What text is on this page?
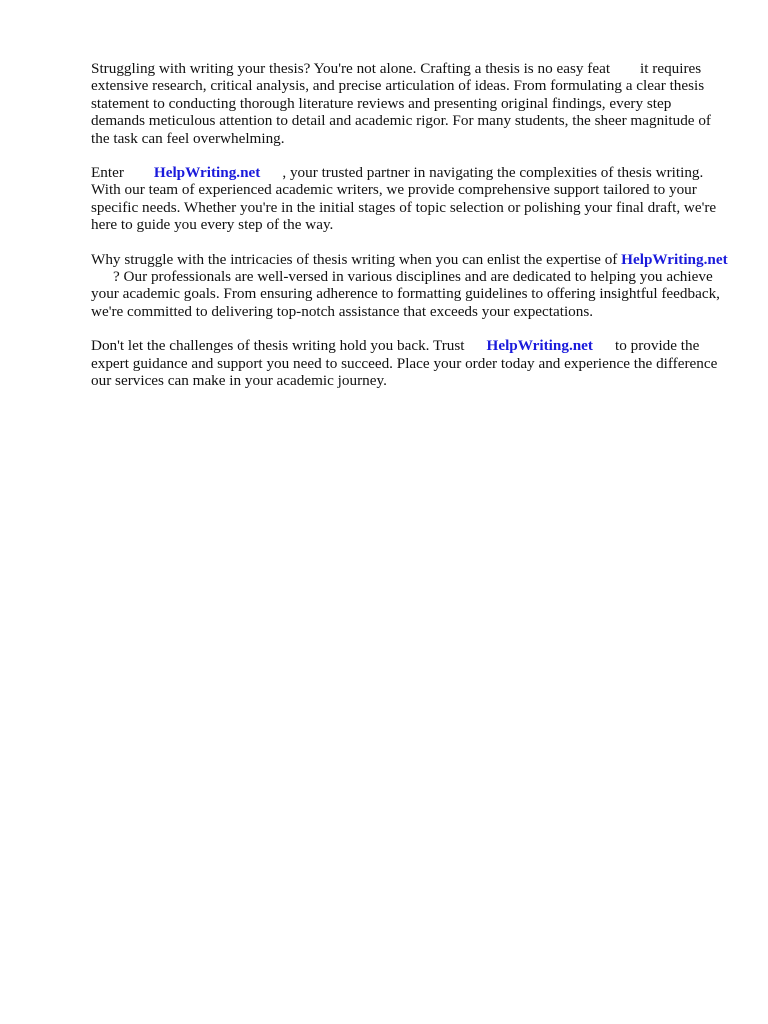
Struggling with writing your thesis? You're not alone. Crafting a thesis is no easy feat it requires extensive research, critical analysis, and precise articulation of ideas. From formulating a clear thesis statement to conducting thorough literature reviews and presenting original findings, every step demands meticulous attention to detail and academic rigor. For many students, the sheer magnitude of the task can feel overwhelming.

Enter HelpWriting.net , your trusted partner in navigating the complexities of thesis writing. With our team of experienced academic writers, we provide comprehensive support tailored to your specific needs. Whether you're in the initial stages of topic selection or polishing your final draft, we're here to guide you every step of the way.

Why struggle with the intricacies of thesis writing when you can enlist the expertise of HelpWriting.net? Our professionals are well-versed in various disciplines and are dedicated to helping you achieve your academic goals. From ensuring adherence to formatting guidelines to offering insightful feedback, we're committed to delivering top-notch assistance that exceeds your expectations.

Don't let the challenges of thesis writing hold you back. Trust HelpWriting.net to provide the expert guidance and support you need to succeed. Place your order today and experience the difference our services can make in your academic journey.
